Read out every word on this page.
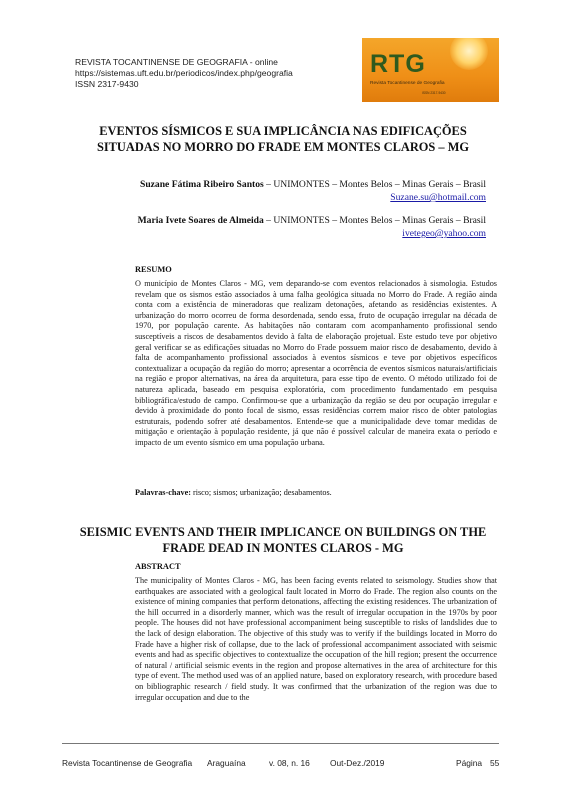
REVISTA TOCANTINENSE DE GEOGRAFIA - online
https://sistemas.uft.edu.br/periodicos/index.php/geografia
ISSN 2317-9430
RTG
Revista Tocantinense de Geografia
ISSN 2317-9430
EVENTOS SÍSMICOS E SUA IMPLICÂNCIA NAS EDIFICAÇÕES
SITUADAS NO MORRO DO FRADE EM MONTES CLAROS – MG
Suzane Fátima Ribeiro Santos – UNIMONTES – Montes Belos – Minas Gerais – Brasil
Suzane.su@hotmail.com
Maria Ivete Soares de Almeida – UNIMONTES – Montes Belos – Minas Gerais – Brasil
ivetegeo@yahoo.com
RESUMO

O município de Montes Claros - MG, vem deparando-se com eventos relacionados à sismologia. Estudos revelam que os sismos estão associados à uma falha geológica situada no Morro do Frade. A região ainda conta com a existência de mineradoras que realizam detonações, afetando as residências existentes. A urbanização do morro ocorreu de forma desordenada, sendo essa, fruto de ocupação irregular na década de 1970, por população carente. As habitações não contaram com acompanhamento profissional sendo susceptíveis a riscos de desabamentos devido à falta de elaboração projetual. Este estudo teve por objetivo geral verificar se as edificações situadas no Morro do Frade possuem maior risco de desabamento, devido à falta de acompanhamento profissional associados à eventos sísmicos e teve por objetivos específicos contextualizar a ocupação da região do morro; apresentar a ocorrência de eventos sísmicos naturais/artificiais na região e propor alternativas, na área da arquitetura, para esse tipo de evento. O método utilizado foi de natureza aplicada, baseado em pesquisa exploratória, com procedimento fundamentado em pesquisa bibliográfica/estudo de campo. Confirmou-se que a urbanização da região se deu por ocupação irregular e devido à proximidade do ponto focal de sismo, essas residências correm maior risco de obter patologias estruturais, podendo sofrer até desabamentos. Entende-se que a municipalidade deve tomar medidas de mitigação e orientação à população residente, já que não é possível calcular de maneira exata o período e impacto de um evento sísmico em uma população urbana.

Palavras-chave: risco; sismos; urbanização; desabamentos.
SEISMIC EVENTS AND THEIR IMPLICANCE ON BUILDINGS ON THE
FRADE DEAD IN MONTES CLAROS - MG
ABSTRACT

The municipality of Montes Claros - MG, has been facing events related to seismology. Studies show that earthquakes are associated with a geological fault located in Morro do Frade. The region also counts on the existence of mining companies that perform detonations, affecting the existing residences. The urbanization of the hill occurred in a disorderly manner, which was the result of irregular occupation in the 1970s by poor people. The houses did not have professional accompaniment being susceptible to risks of landslides due to the lack of design elaboration. The objective of this study was to verify if the buildings located in Morro do Frade have a higher risk of collapse, due to the lack of professional accompaniment associated with seismic events and had as specific objectives to contextualize the occupation of the hill region; present the occurrence of natural / artificial seismic events in the region and propose alternatives in the area of architecture for this type of event. The method used was of an applied nature, based on exploratory research, with procedure based on bibliographic research / field study. It was confirmed that the urbanization of the region was due to irregular occupation and due to the

Revista Tocantinense de Geografia Araguaína	v. 08, n. 16 Out-Dez./2019	Página 55
